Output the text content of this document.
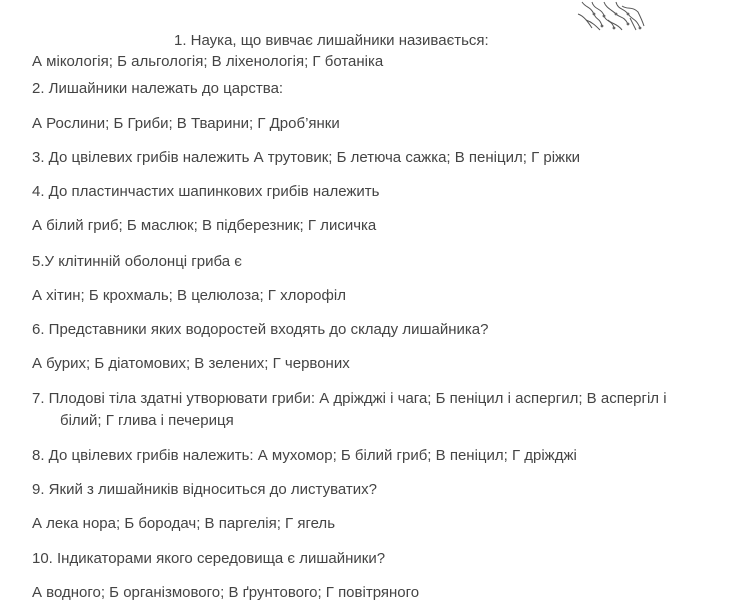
1. Наука, що вивчає лишайники називається:
А мікологія; Б альгологія; В ліхенологія; Г ботаніка
2. Лишайники належать до царства:
А Рослини; Б Гриби; В Тварини; Г Дроб’янки
3. До цвілевих грибів належить А трутовик; Б летюча сажка; В пеніцил; Г ріжки
4. До пластинчастих шапинкових грибів належить
А білий гриб; Б маслюк; В підберезник; Г лисичка
5.У клітинній оболонці гриба є
А хітин; Б крохмаль; В целюлоза; Г хлорофіл
6. Представники яких водоростей входять до складу лишайника?
А бурих; Б діатомових; В зелених; Г червоних
7. Плодові тіла здатні утворювати гриби: А дріжджі і чага; Б пеніцил і аспергил; В аспергіл і
білий; Г глива і печериця
8. До цвілевих грибів належить: А мухомор; Б білий гриб; В пеніцил; Г дріжджі
9. Який з лишайників відноситься до листуватих?
А лека нора; Б бородач; В паргелія; Г ягель
10. Індикаторами якого середовища є лишайники?
А водного; Б організмового; В ґрунтового; Г повітряного
